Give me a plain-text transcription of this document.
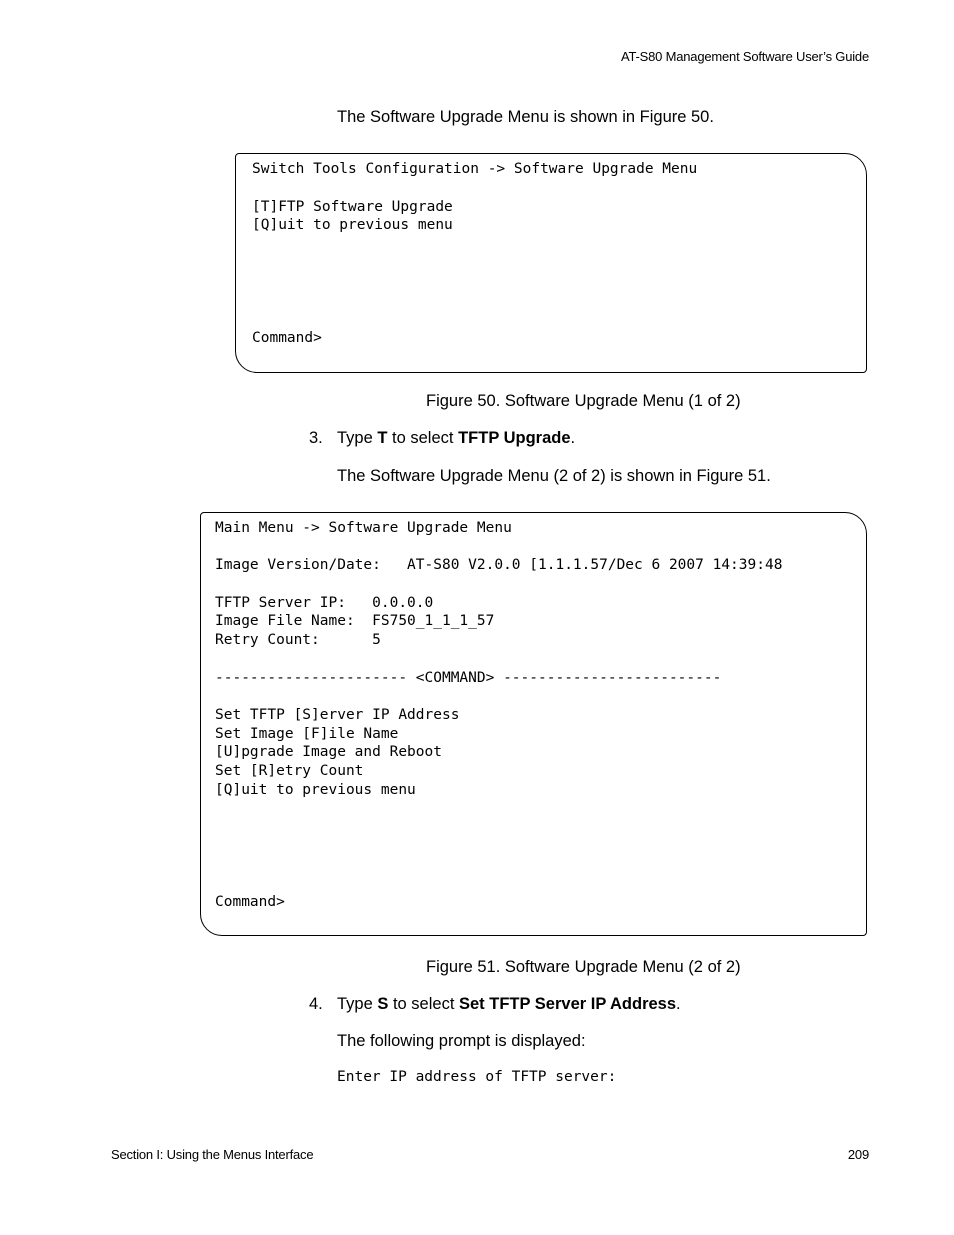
AT-S80 Management Software User’s Guide
The Software Upgrade Menu is shown in Figure 50.
Switch Tools Configuration -> Software Upgrade Menu
[T]FTP Software Upgrade
[Q]uit to previous menu
Command>
Figure 50. Software Upgrade Menu (1 of 2)
3. Type T to select TFTP Upgrade.
The Software Upgrade Menu (2 of 2) is shown in Figure 51.
Main Menu -> Software Upgrade Menu
Image Version/Date:   AT-S80 V2.0.0 [1.1.1.57/Dec 6 2007 14:39:48
TFTP Server IP:   0.0.0.0
Image File Name:  FS750_1_1_1_57
Retry Count:      5
---------------------- <COMMAND> -------------------------
Set TFTP [S]erver IP Address
Set Image [F]ile Name
[U]pgrade Image and Reboot
Set [R]etry Count
[Q]uit to previous menu
Command>
Figure 51. Software Upgrade Menu (2 of 2)
4. Type S to select Set TFTP Server IP Address.
The following prompt is displayed:
Enter IP address of TFTP server:
Section I: Using the Menus Interface	209
